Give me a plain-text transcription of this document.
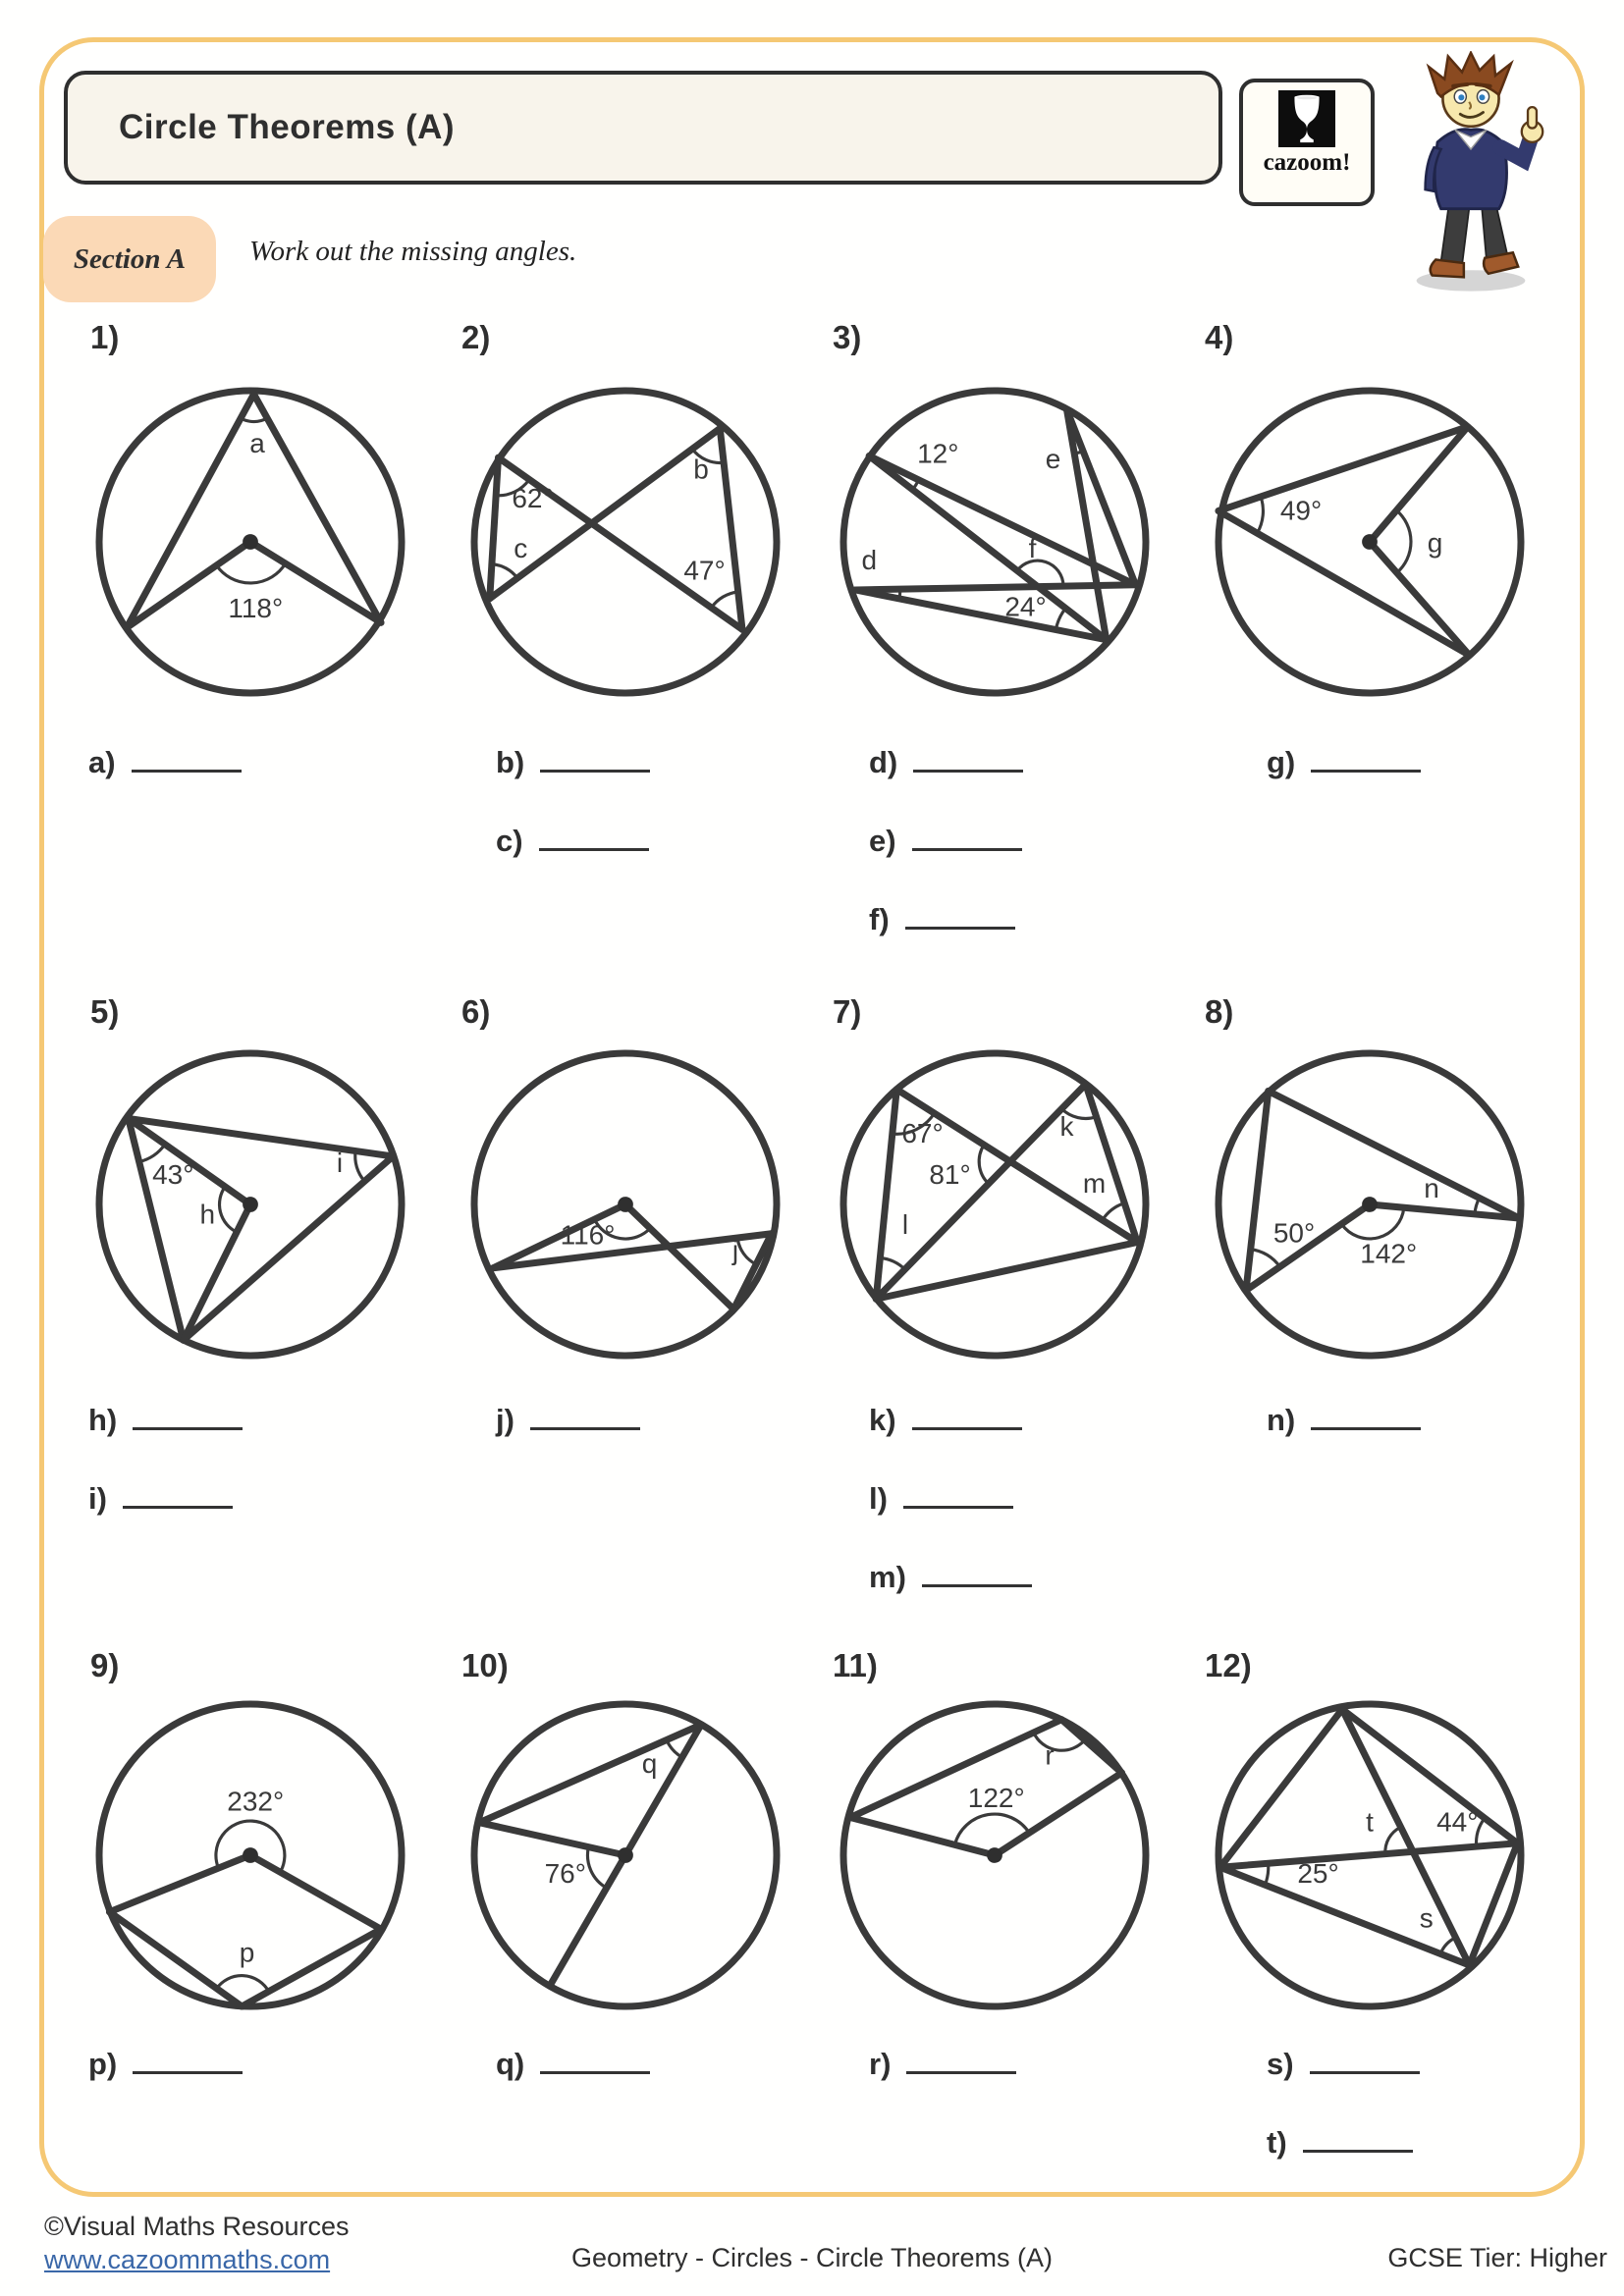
Circle Theorems (A)
cazoom!
Section A Work out the missing angles.
1)	2)	3)	4)
5)	6)	7)	8)
9)	10)	11)	12)
a
118°
62°
b
c
47°
12°	e
d	f
24°
49°
g
43°
h
i
116°
j
67°
81°
k
m
l	50°
142°
n
232°
p
q
76°
122°
r
t	44°
25°
s
a)	b)
c)
d)
e)
f)
g)
h)
i)
j)	k)
l)
m)
n)
p)	q)	r)	s)
t)
©Visual Maths Resources
www.cazoommaths.com	Geometry - Circles - Circle Theorems (A)	GCSE Tier: Higher
